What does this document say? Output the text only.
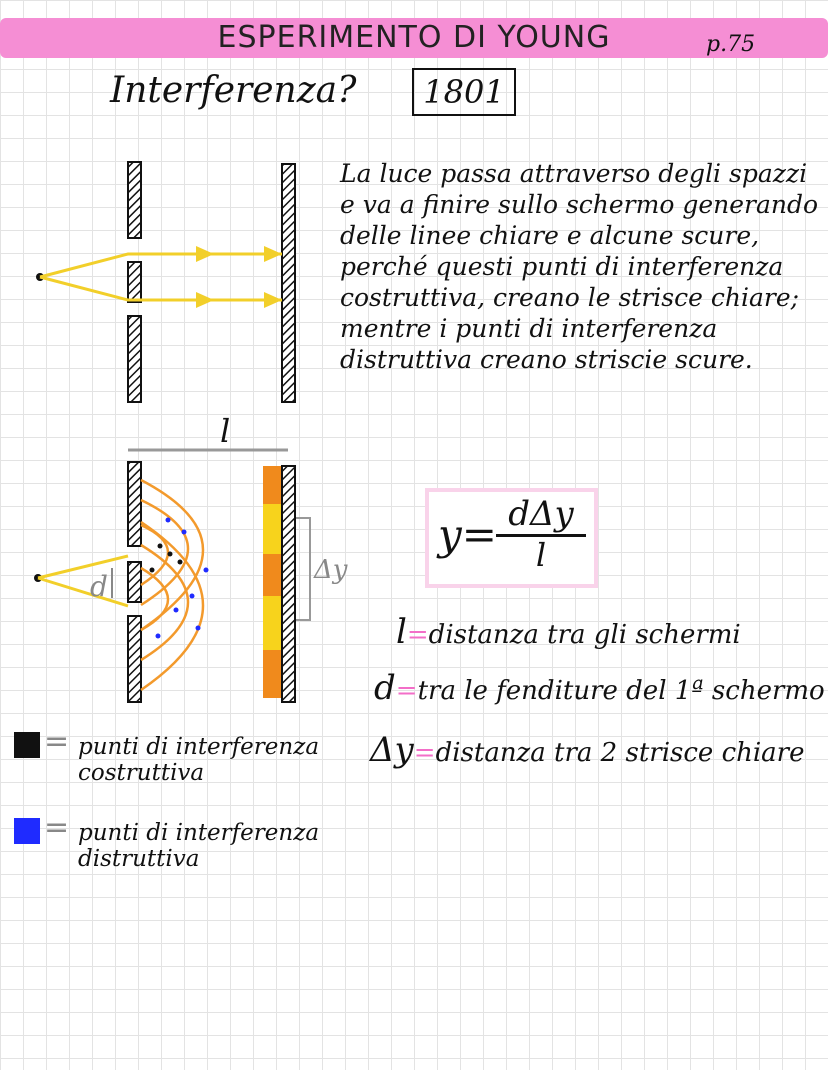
ESPERIMENTO DI YOUNG	p.75
Interferenza?	1801
La luce passa attraverso degli spazzi e va a finire sullo schermo generando delle linee chiare e alcune scure, perché questi punti di interferenza costruttiva, creano le strisce chiare; mentre i punti di interferenza distruttiva creano striscie scure.
l
d	Δy
y= dΔy
l
l=distanza tra gli schermi
d=tra le fenditure del 1ª schermo
Δy=distanza tra 2 strisce chiare
= punti di interferenza
costruttiva
= punti di interferenza
distruttiva
